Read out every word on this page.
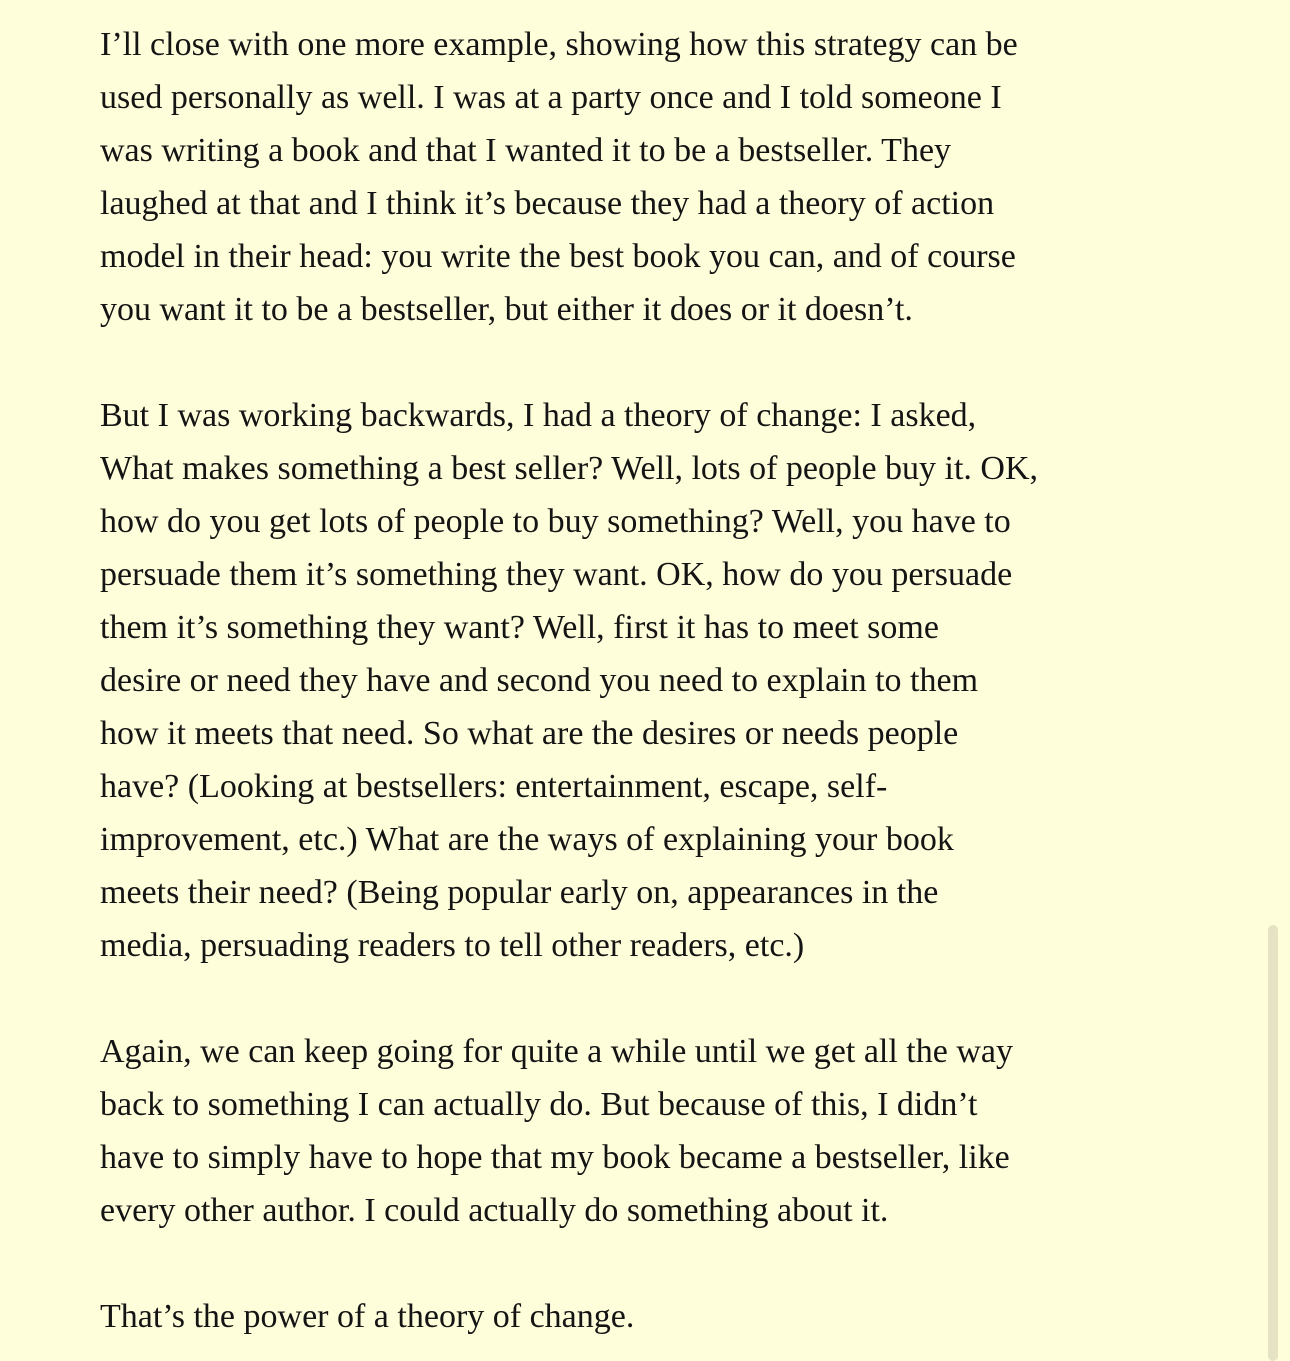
I’ll close with one more example, showing how this strategy can be
used personally as well. I was at a party once and I told someone I
was writing a book and that I wanted it to be a bestseller. They
laughed at that and I think it’s because they had a theory of action
model in their head: you write the best book you can, and of course
you want it to be a bestseller, but either it does or it doesn’t.

But I was working backwards, I had a theory of change: I asked,
What makes something a best seller? Well, lots of people buy it. OK,
how do you get lots of people to buy something? Well, you have to
persuade them it’s something they want. OK, how do you persuade
them it’s something they want? Well, first it has to meet some
desire or need they have and second you need to explain to them
how it meets that need. So what are the desires or needs people
have? (Looking at bestsellers: entertainment, escape, self-
improvement, etc.) What are the ways of explaining your book
meets their need? (Being popular early on, appearances in the
media, persuading readers to tell other readers, etc.)

Again, we can keep going for quite a while until we get all the way
back to something I can actually do. But because of this, I didn’t
have to simply have to hope that my book became a bestseller, like
every other author. I could actually do something about it.

That’s the power of a theory of change.
